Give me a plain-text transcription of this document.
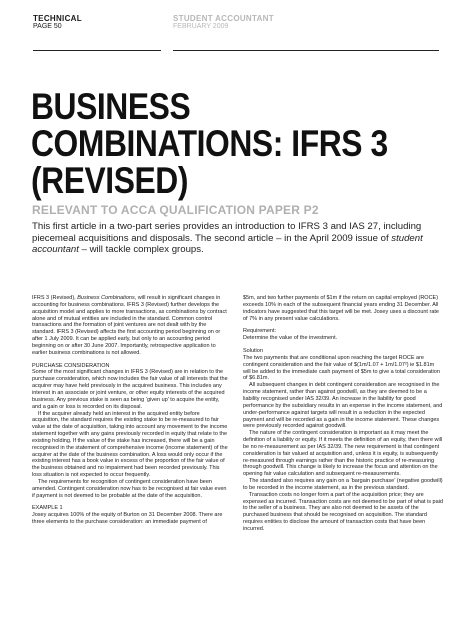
TECHNICAL
PAGE 50
STUDENT ACCOUNTANT
FEBRUARY 2009
BUSINESS
COMBINATIONS: IFRS 3
(REVISED)
RELEVANT TO ACCA QUALIFICATION PAPER P2
This first article in a two-part series provides an introduction to IFRS 3 and IAS 27, including piecemeal acquisitions and disposals. The second article – in the April 2009 issue of student accountant – will tackle complex groups.

IFRS 3 (Revised), Business Combinations, will result in significant changes in accounting for business combinations. IFRS 3 (Revised) further develops the acquisition model and applies to more transactions, as combinations by contract alone and of mutual entities are included in the standard. Common control transactions and the formation of joint ventures are not dealt with by the standard. IFRS 3 (Revised) affects the first accounting period beginning on or after 1 July 2009. It can be applied early, but only to an accounting period beginning on or after 30 June 2007. Importantly, retrospective application to earlier business combinations is not allowed.

PURCHASE CONSIDERATION

Some of the most significant changes in IFRS 3 (Revised) are in relation to the purchase consideration, which now includes the fair value of all interests that the acquirer may have held previously in the acquired business. This includes any interest in an associate or joint venture, or other equity interests of the acquired business. Any previous stake is seen as being ‘given up’ to acquire the entity, and a gain or loss is recorded on its disposal.

If the acquirer already held an interest in the acquired entity before acquisition, the standard requires the existing stake to be re-measured to fair value at the date of acquisition, taking into account any movement to the income statement together with any gains previously recorded in equity that relate to the existing holding. If the value of the stake has increased, there will be a gain recognised in the statement of comprehensive income (income statement) of the acquirer at the date of the business combination. A loss would only occur if the existing interest has a book value in excess of the proportion of the fair value of the business obtained and no impairment had been recorded previously. This loss situation is not expected to occur frequently.

The requirements for recognition of contingent consideration have been amended. Contingent consideration now has to be recognised at fair value even if payment is not deemed to be probable at the date of the acquisition.

EXAMPLE 1

Josey acquires 100% of the equity of Burton on 31 December 2008. There are three elements to the purchase consideration: an immediate payment of

$5m, and two further payments of $1m if the return on capital employed (ROCE) exceeds 10% in each of the subsequent financial years ending 31 December. All indicators have suggested that this target will be met. Josey uses a discount rate of 7% in any present value calculations.

Requirement:

Determine the value of the investment.

Solution

The two payments that are conditional upon reaching the target ROCE are contingent consideration and the fair value of $(1m/1.07 + 1m/1.07²) ie $1.81m will be added to the immediate cash payment of $5m to give a total consideration of $6.81m.

All subsequent changes in debt contingent consideration are recognised in the income statement, rather than against goodwill, as they are deemed to be a liability recognised under IAS 32/39. An increase in the liability for good performance by the subsidiary results in an expense in the income statement, and under-performance against targets will result in a reduction in the expected payment and will be recorded as a gain in the income statement. These changes were previously recorded against goodwill.

The nature of the contingent consideration is important as it may meet the definition of a liability or equity. If it meets the definition of an equity, then there will be no re-measurement as per IAS 32/39. The new requirement is that contingent consideration is fair valued at acquisition and, unless it is equity, is subsequently re-measured through earnings rather than the historic practice of re-measuring through goodwill. This change is likely to increase the focus and attention on the opening fair value calculation and subsequent re-measurements.

The standard also requires any gain on a ‘bargain purchase’ (negative goodwill) to be recorded in the income statement, as in the previous standard.

Transaction costs no longer form a part of the acquisition price; they are expensed as incurred. Transaction costs are not deemed to be part of what is paid to the seller of a business. They are also not deemed to be assets of the purchased business that should be recognised on acquisition. The standard requires entities to disclose the amount of transaction costs that have been incurred.
